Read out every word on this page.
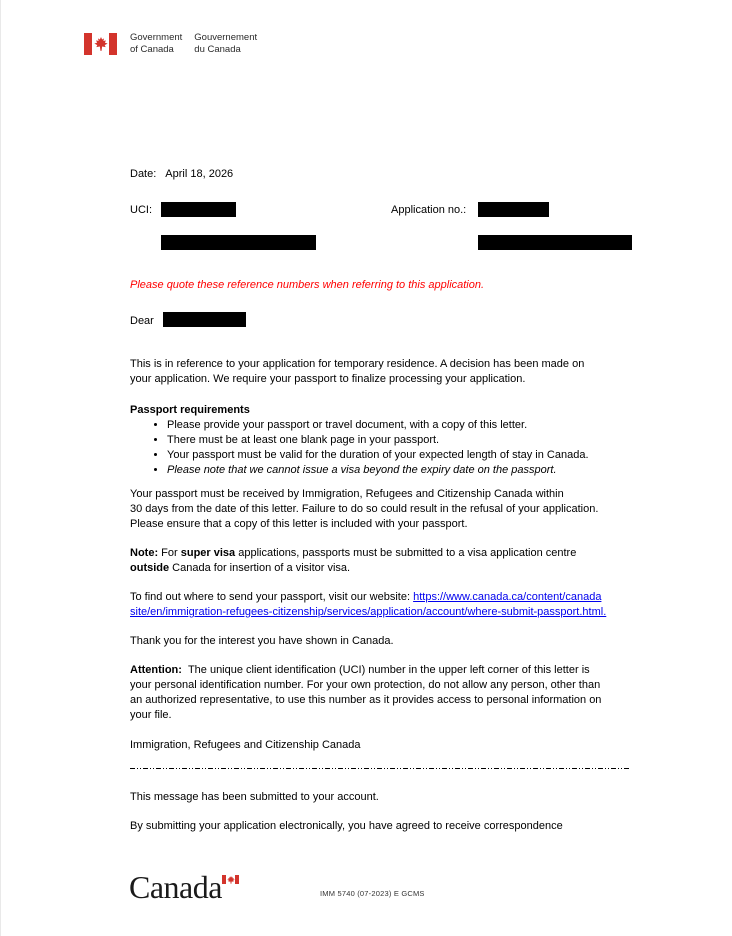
Government
of Canada
Gouvernement
du Canada
Date: April 18, 2026
UCI:	Application no.:
Please quote these reference numbers when referring to this application.
Dear
This is in reference to your application for temporary residence. A decision has been made on
your application. We require your passport to finalize processing your application.
Passport requirements
• Please provide your passport or travel document, with a copy of this letter.
• There must be at least one blank page in your passport.
• Your passport must be valid for the duration of your expected length of stay in Canada.
• Please note that we cannot issue a visa beyond the expiry date on the passport.
Your passport must be received by Immigration, Refugees and Citizenship Canada within
30 days from the date of this letter. Failure to do so could result in the refusal of your application.
Please ensure that a copy of this letter is included with your passport.
Note: For super visa applications, passports must be submitted to a visa application centre
outside Canada for insertion of a visitor visa.
To find out where to send your passport, visit our website: https://www.canada.ca/content/canada
site/en/immigration-refugees-citizenship/services/application/account/where-submit-passport.html.
Thank you for the interest you have shown in Canada.
Attention: The unique client identification (UCI) number in the upper left corner of this letter is
your personal identification number. For your own protection, do not allow any person, other than
an authorized representative, to use this number as it provides access to personal information on
your file.
Immigration, Refugees and Citizenship Canada
This message has been submitted to your account.
By submitting your application electronically, you have agreed to receive correspondence
Canada	IMM 5740 (07-2023) E GCMS
